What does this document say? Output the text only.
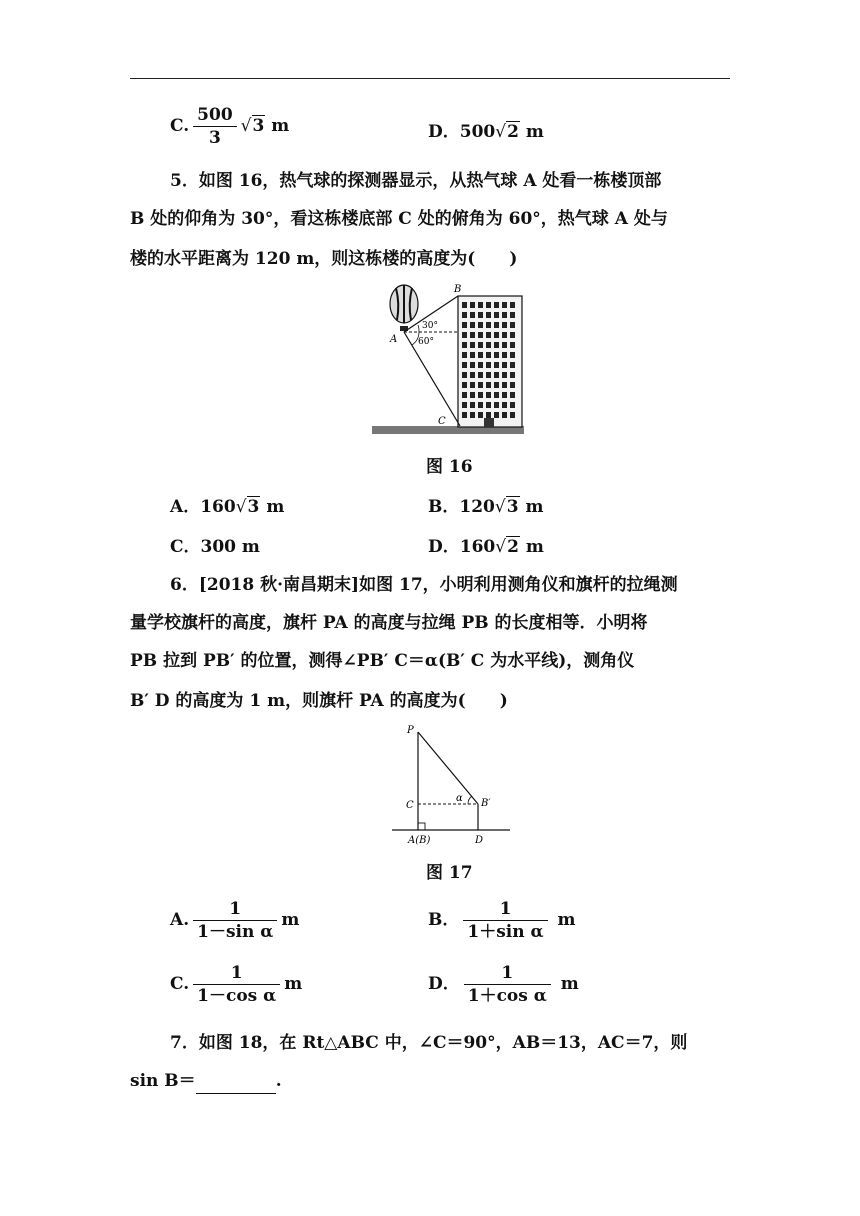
C. $\frac{500}{3} √3$ m	D．500√2 m
5．如图 16，热气球的探测器显示，从热气球 A 处看一栋楼顶部
B 处的仰角为 30°，看这栋楼底部 C 处的俯角为 60°，热气球 A 处与
楼的水平距离为 120 m，则这栋楼的高度为(　　)
A
B
C
30°
60°
图 16
A．160√3 m	B．120√3 m
C．300 m	D．160√2 m
6．[2018 秋·南昌期末]如图 17，小明利用测角仪和旗杆的拉绳测
量学校旗杆的高度，旗杆 PA 的高度与拉绳 PB 的长度相等．小明将
PB 拉到 PB′ 的位置，测得∠PB′ C＝α(B′ C 为水平线)，测角仪
B′ D 的高度为 1 m，则旗杆 PA 的高度为(　　)
P
C	B′
A(B)	D
α
图 17
A. $\frac{1}{\text{1－sin α}}$ m	B． $\frac{1}{\text{1＋sin α}}$ m
C. $\frac{1}{\text{1－cos α}}$ m	D． $\frac{1}{\text{1＋cos α}}$ m
7．如图 18，在 Rt△ABC 中，∠C＝90°，AB＝13，AC＝7，则
sin B＝	.
